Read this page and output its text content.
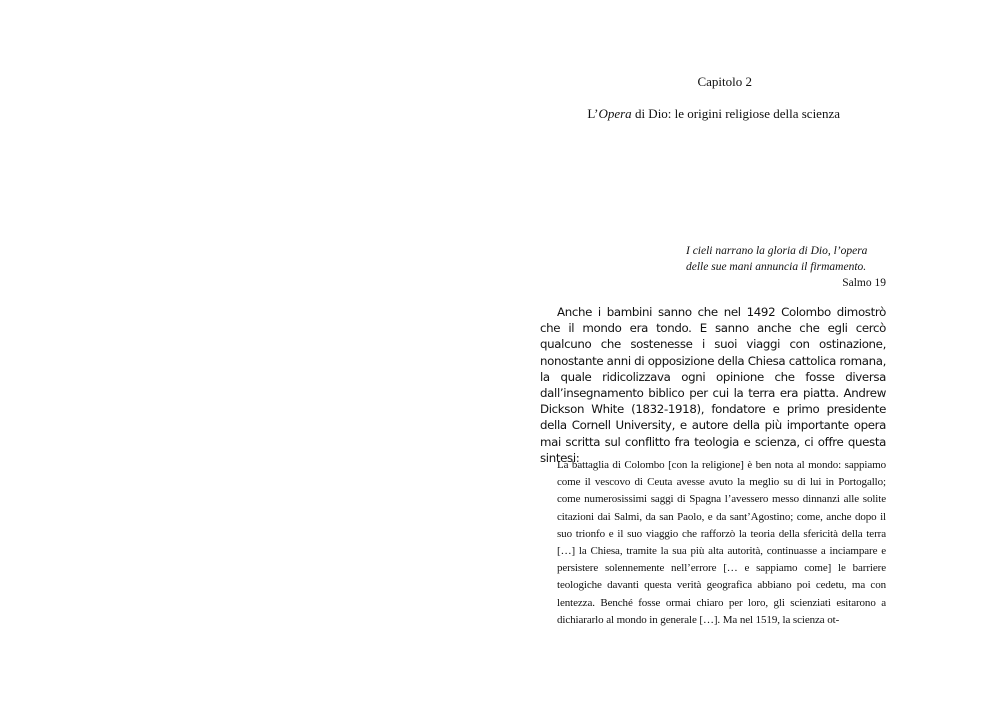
Capitolo 2
L’Opera di Dio: le origini religiose della scienza
I cieli narrano la gloria di Dio, l’opera
delle sue mani annuncia il firmamento.
Salmo 19

Anche i bambini sanno che nel 1492 Colombo dimostrò che il mondo era tondo. E sanno anche che egli cercò qualcuno che sostenesse i suoi viaggi con ostinazione, nonostante anni di opposizione della Chiesa cattolica romana, la quale ridicolizzava ogni opinione che fosse diversa dall’insegnamento biblico per cui la terra era piatta. Andrew Dickson White (1832-1918), fondatore e primo presidente della Cornell University, e autore della più importante opera mai scritta sul conflitto fra teologia e scienza, ci offre questa sintesi:

La battaglia di Colombo [con la religione] è ben nota al mondo: sappiamo come il vescovo di Ceuta avesse avuto la meglio su di lui in Portogallo; come numerosissimi saggi di Spagna l’avessero messo dinnanzi alle solite citazioni dai Salmi, da san Paolo, e da sant’Agostino; come, anche dopo il suo trionfo e il suo viaggio che rafforzò la teoria della sfericità della terra […] la Chiesa, tramite la sua più alta autorità, continuasse a inciampare e persistere solennemente nell’errore [… e sappiamo come] le barriere teologiche davanti questa verità geografica abbiano poi cedetu, ma con lentezza. Benché fosse ormai chiaro per loro, gli scienziati esitarono a dichiararlo al mondo in generale […]. Ma nel 1519, la scienza ot-
